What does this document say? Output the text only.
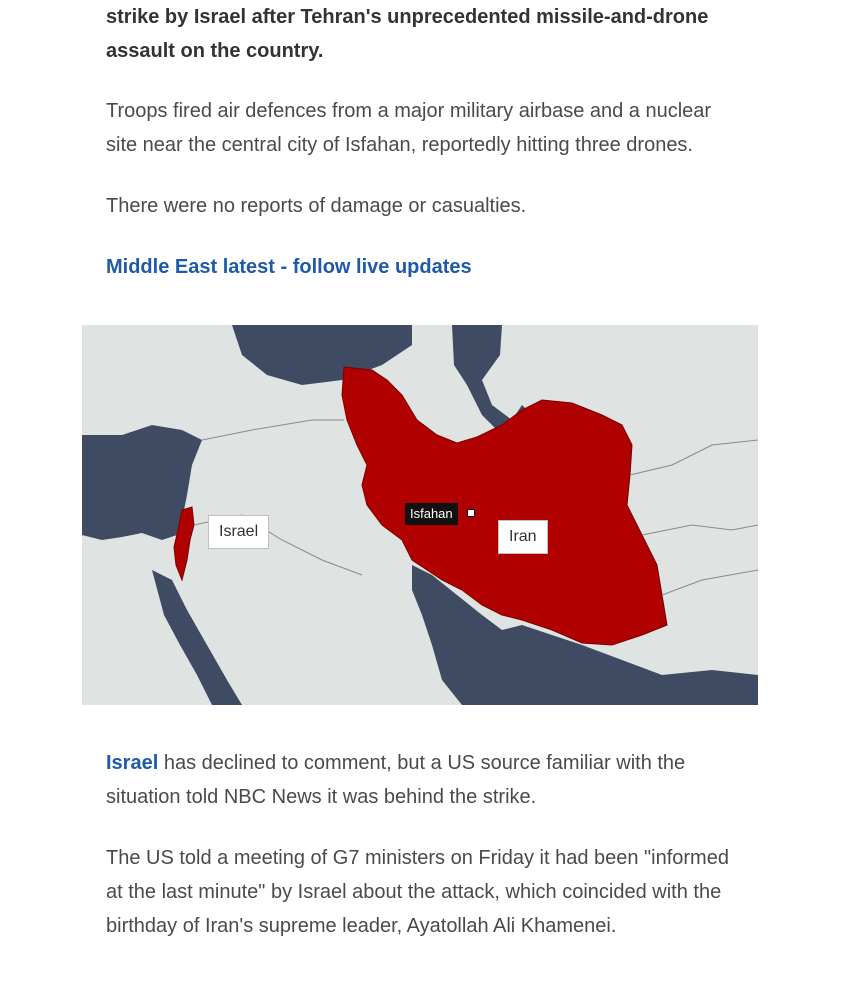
strike by Israel after Tehran's unprecedented missile-and-drone assault on the country.

Troops fired air defences from a major military airbase and a nuclear site near the central city of Isfahan, reportedly hitting three drones.

There were no reports of damage or casualties.

Middle East latest - follow live updates

Israel	Iran
Isfahan

Israel has declined to comment, but a US source familiar with the situation told NBC News it was behind the strike.

The US told a meeting of G7 ministers on Friday it had been "informed at the last minute" by Israel about the attack, which coincided with the birthday of Iran's supreme leader, Ayatollah Ali Khamenei.
